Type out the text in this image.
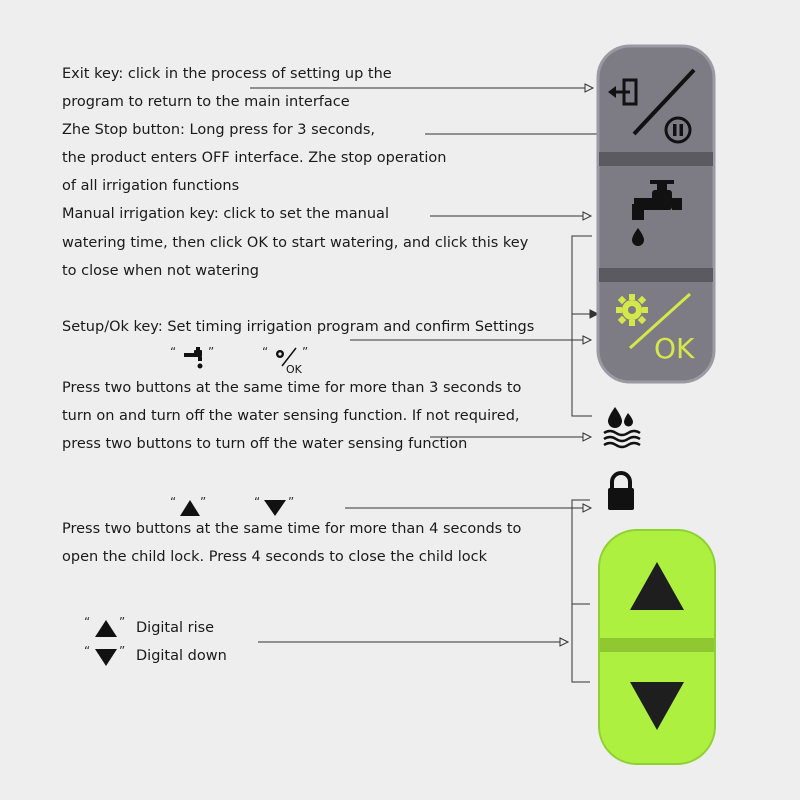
Exit key: click in the process of setting up the
program to return to the main interface
Zhe Stop button: Long press for 3 seconds,
the product enters OFF interface. Zhe stop operation
of all irrigation functions
Manual irrigation key: click to set the manual
watering time, then click OK to start watering, and click this key
to close when not watering
Setup/Ok key: Set timing irrigation program and confirm Settings
“	”	“
OK
”
Press two buttons at the same time for more than 3 seconds to
turn on and turn off the water sensing function. If not required,
press two buttons to turn off the water sensing function
“ ”	“ ”
Press two buttons at the same time for more than 4 seconds to
open the child lock. Press 4 seconds to close the child lock
“ ” Digital rise
“ ” Digital down
OK
